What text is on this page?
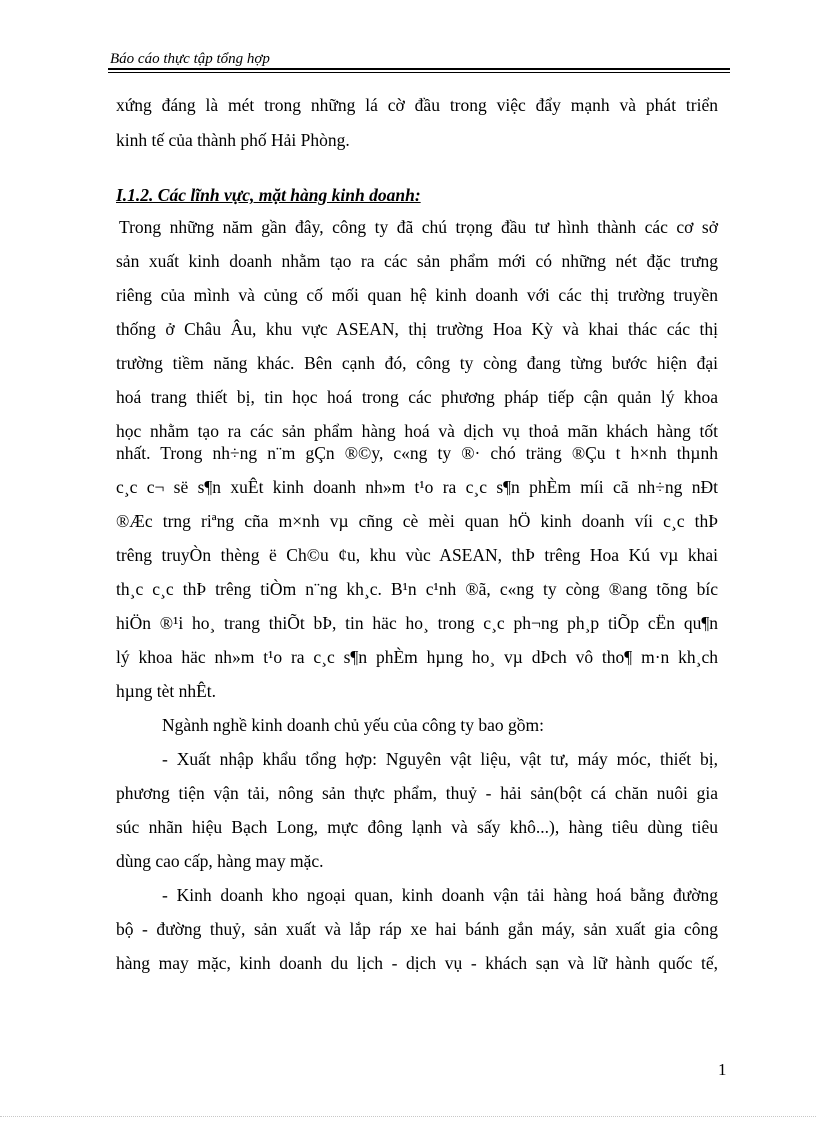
Báo cáo thực tập tổng hợp
xứng đáng là mét trong những lá cờ đầu trong việc đẩy mạnh và phát triển
kinh tế của thành phố Hải Phòng.
I.1.2. Các lĩnh vực, mặt hàng kinh doanh:
Trong những năm gần đây, công ty đã chú trọng đầu tư hình thành các cơ sở
sản xuất kinh doanh nhằm tạo ra các sản phẩm mới có những nét đặc trưng
riêng của mình và củng cố mối quan hệ kinh doanh với các thị trường truyền
thống ở Châu Âu, khu vực ASEAN, thị trường Hoa Kỳ và khai thác các thị
trường tiềm năng khác. Bên cạnh đó, công ty còng đang từng bước hiện đại
hoá trang thiết bị, tin học hoá trong các phương pháp tiếp cận quản lý khoa
học nhằm tạo ra các sản phẩm hàng hoá và dịch vụ thoả mãn khách hàng tốt
nhất. Trong nh÷ng n¨m gÇn ®©y, c«ng ty ®· chó träng ®Çu t h×nh thµnh
c¸c c¬ së s¶n xuÊt kinh doanh nh»m t¹o ra c¸c s¶n phÈm míi cã nh÷ng nÐt
®Æc trng riªng cña m×nh vµ cñng cè mèi quan hÖ kinh doanh víi c¸c thÞ
trêng truyÒn thèng ë Ch©u ¢u, khu vùc ASEAN, thÞ trêng Hoa Kú vµ khai
th¸c c¸c thÞ trêng tiÒm n¨ng kh¸c. B¹n c¹nh ®ã, c«ng ty còng ®ang tõng bíc
hiÖn ®¹i ho¸ trang thiÕt bÞ, tin häc ho¸ trong c¸c ph¬ng ph¸p tiÕp cËn qu¶n
lý khoa häc nh»m t¹o ra c¸c s¶n phÈm hµng ho¸ vµ dÞch vô tho¶ m·n kh¸ch
hµng tèt nhÊt.
Ngành nghề kinh doanh chủ yếu của công ty bao gồm:
- Xuất nhập khẩu tổng hợp: Nguyên vật liệu, vật tư, máy móc, thiết bị,
phương tiện vận tải, nông sản thực phẩm, thuỷ - hải sản(bột cá chăn nuôi gia
súc nhãn hiệu Bạch Long, mực đông lạnh và sấy khô...), hàng tiêu dùng tiêu
dùng cao cấp, hàng may mặc.
- Kinh doanh kho ngoại quan, kinh doanh vận tải hàng hoá bằng đường
bộ - đường thuỷ, sản xuất và lắp ráp xe hai bánh gắn máy, sản xuất gia công
hàng may mặc, kinh doanh du lịch - dịch vụ - khách sạn và lữ hành quốc tế,
1
